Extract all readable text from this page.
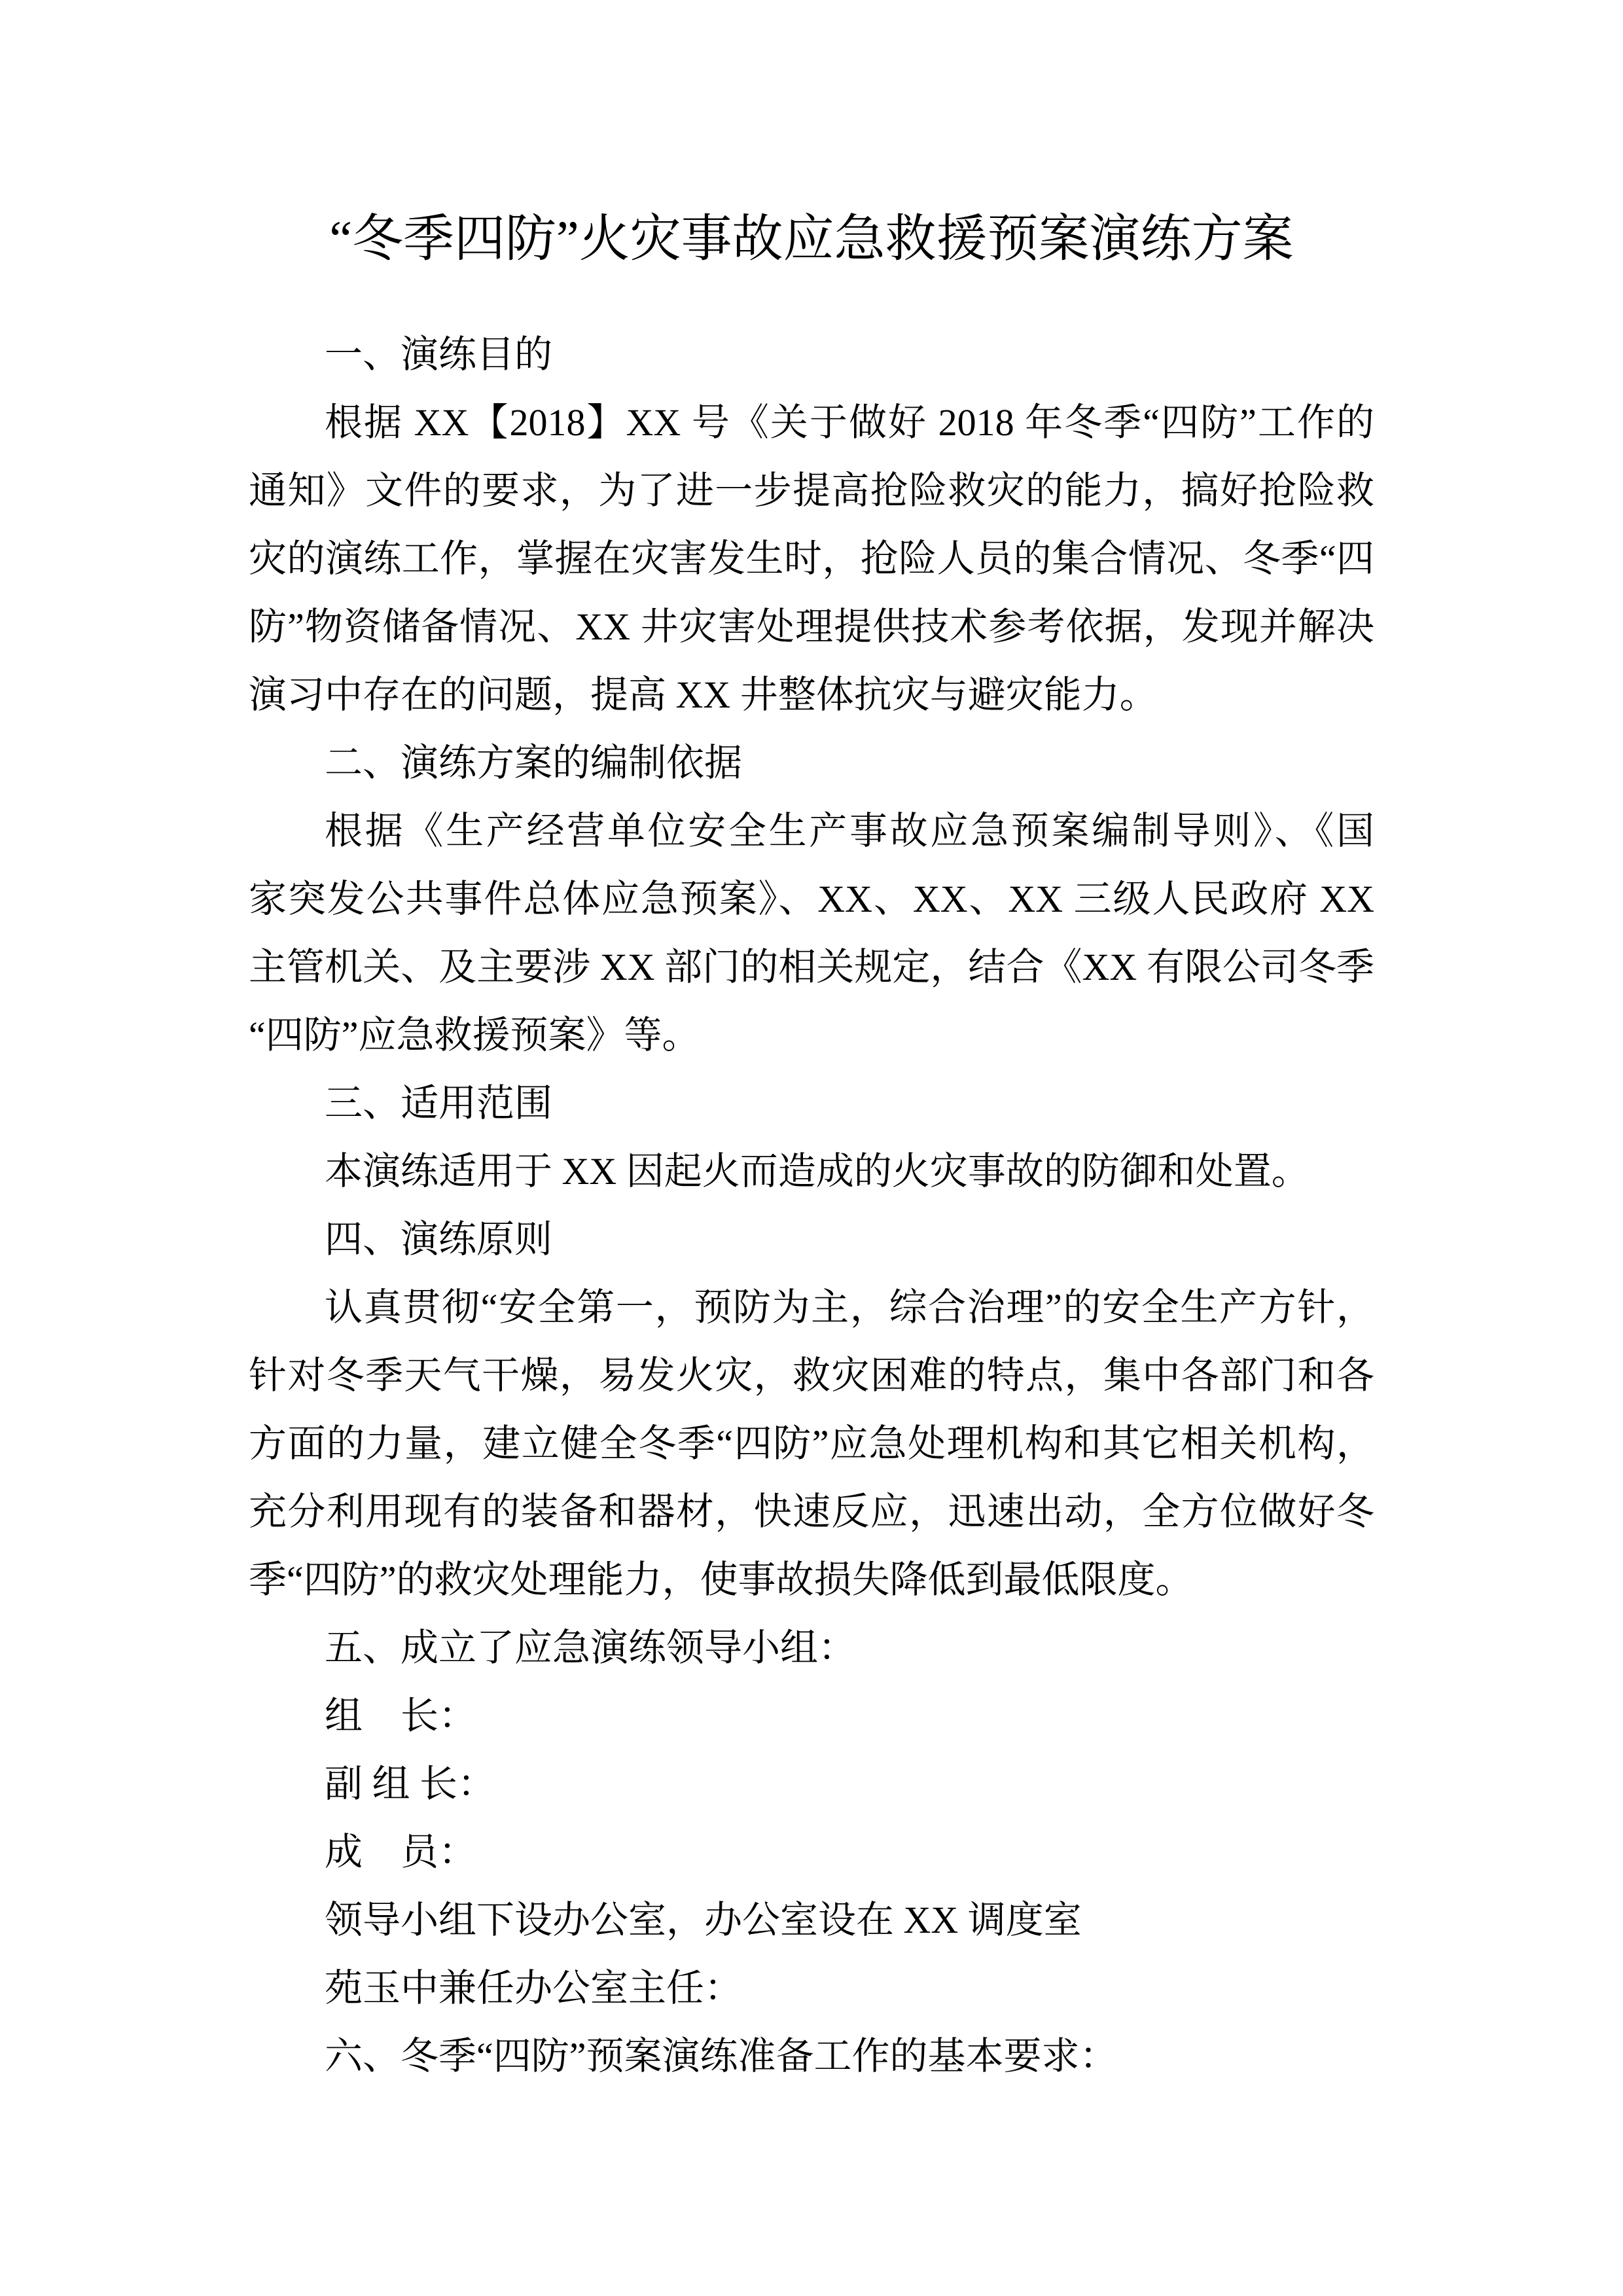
“冬季四防”火灾事故应急救援预案演练方案
一、演练目的
根据 XX【2018】XX 号《关于做好 2018 年冬季“四防”工作的
通知》文件的要求，为了进一步提高抢险救灾的能力，搞好抢险救
灾的演练工作，掌握在灾害发生时，抢险人员的集合情况、冬季“四
防”物资储备情况、XX 井灾害处理提供技术参考依据，发现并解决
演习中存在的问题，提高 XX 井整体抗灾与避灾能力。
二、演练方案的编制依据
根据《生产经营单位安全生产事故应急预案编制导则》、《国
家突发公共事件总体应急预案》、XX、XX、XX 三级人民政府 XX
主管机关、及主要涉 XX 部门的相关规定，结合《XX 有限公司冬季
“四防”应急救援预案》等。
三、适用范围
本演练适用于 XX 因起火而造成的火灾事故的防御和处置。
四、演练原则
认真贯彻“安全第一，预防为主，综合治理”的安全生产方针，
针对冬季天气干燥，易发火灾，救灾困难的特点，集中各部门和各
方面的力量，建立健全冬季“四防”应急处理机构和其它相关机构，
充分利用现有的装备和器材，快速反应，迅速出动，全方位做好冬
季“四防”的救灾处理能力，使事故损失降低到最低限度。
五、成立了应急演练领导小组：
组　长：
副 组 长：
成　员：
领导小组下设办公室，办公室设在 XX 调度室
苑玉中兼任办公室主任：
六、冬季“四防”预案演练准备工作的基本要求：
